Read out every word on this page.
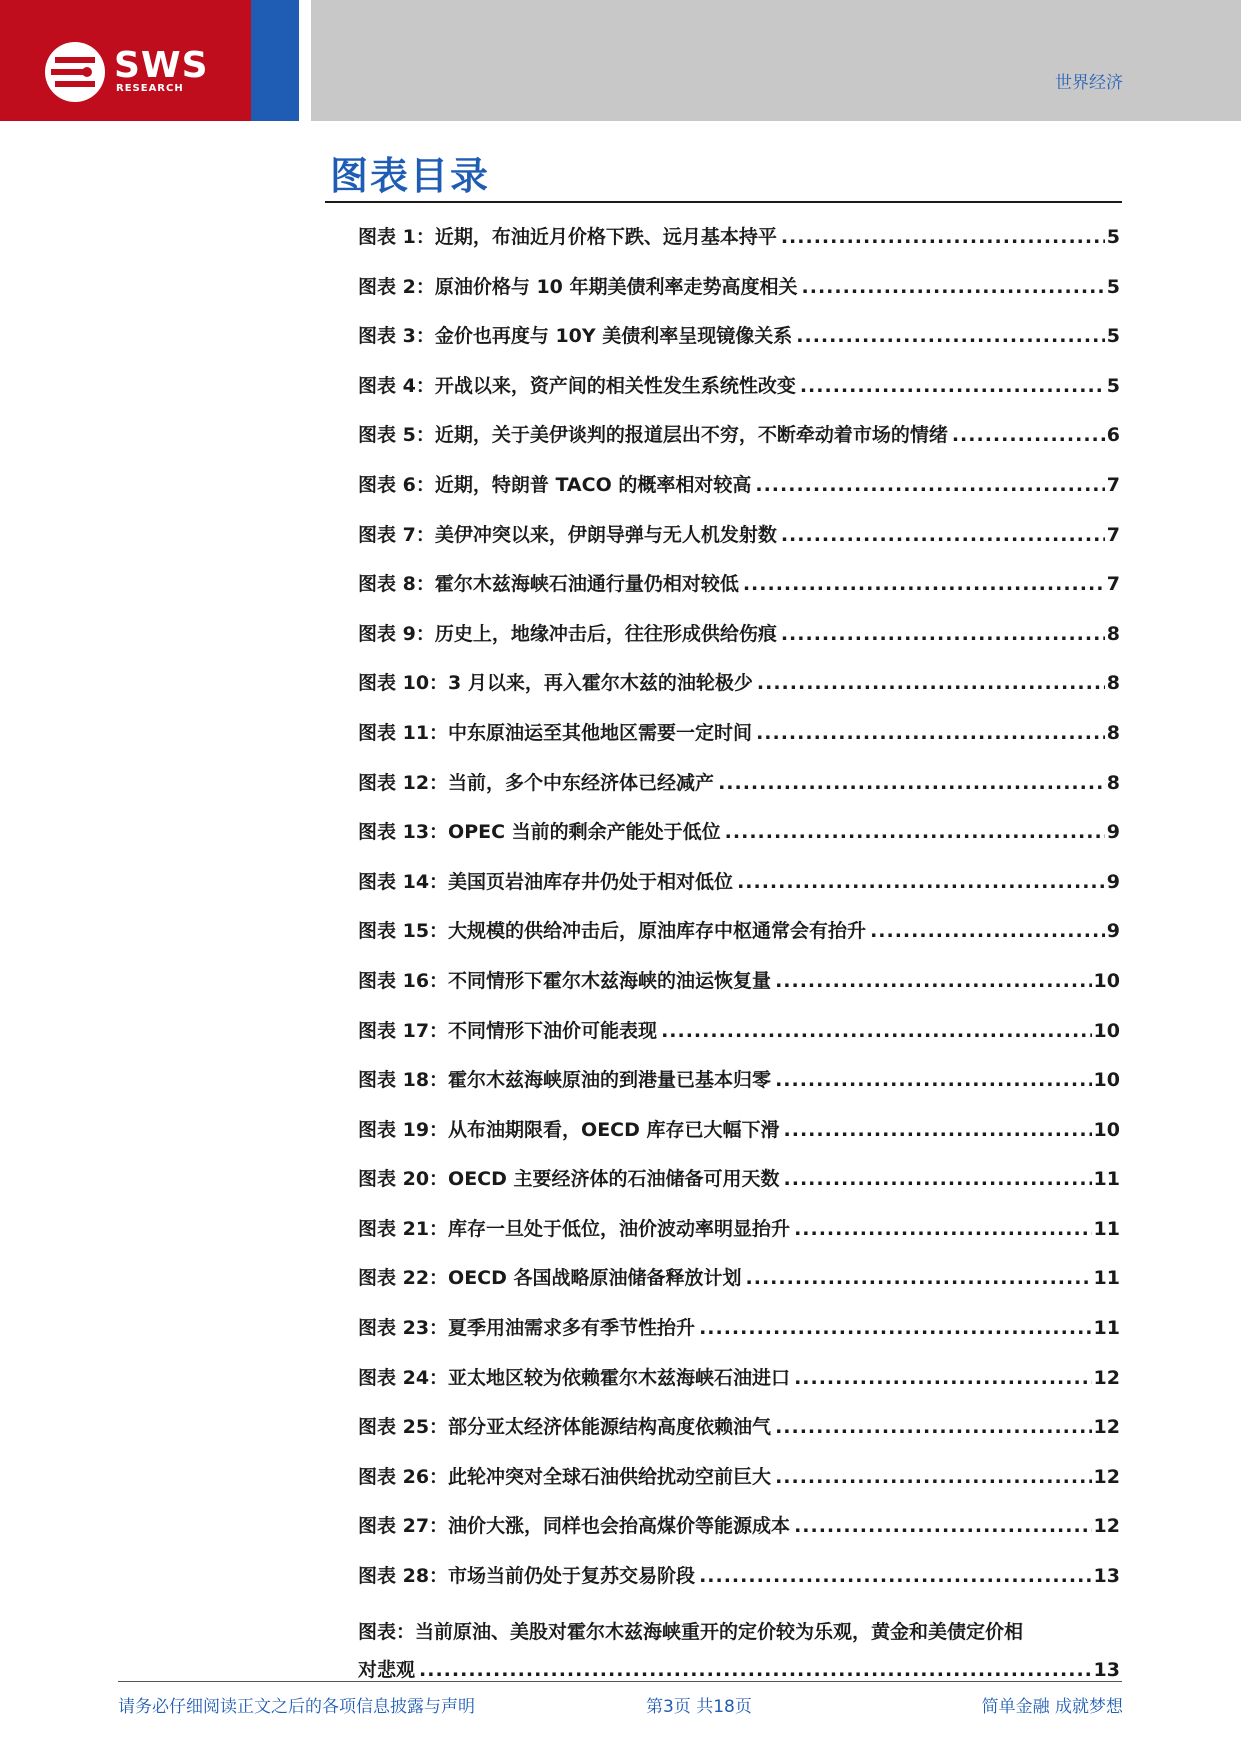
SWS
RESEARCH	世界经济
图表目录
图表 1：近期，布油近月价格下跌、远月基本持平 .....	5
图表 2：原油价格与 10 年期美债利率走势高度相关 .....	5
图表 3：金价也再度与 10Y 美债利率呈现镜像关系 .....	5
图表 4：开战以来，资产间的相关性发生系统性改变 .....	5
图表 5：近期，关于美伊谈判的报道层出不穷，不断牵动着市场的情绪 .....	6
图表 6：近期，特朗普 TACO 的概率相对较高 .....	7
图表 7：美伊冲突以来，伊朗导弹与无人机发射数 .....	7
图表 8：霍尔木兹海峡石油通行量仍相对较低 .....	7
图表 9：历史上，地缘冲击后，往往形成供给伤痕 .....	8
图表 10：3 月以来，再入霍尔木兹的油轮极少 .....	8
图表 11：中东原油运至其他地区需要一定时间 .....	8
图表 12：当前，多个中东经济体已经减产 .....	8
图表 13：OPEC 当前的剩余产能处于低位 .....	9
图表 14：美国页岩油库存井仍处于相对低位 .....	9
图表 15：大规模的供给冲击后，原油库存中枢通常会有抬升 .....	9
图表 16：不同情形下霍尔木兹海峡的油运恢复量 .....	10
图表 17：不同情形下油价可能表现 .....	10
图表 18：霍尔木兹海峡原油的到港量已基本归零 .....	10
图表 19：从布油期限看，OECD 库存已大幅下滑 .....	10
图表 20：OECD 主要经济体的石油储备可用天数 .....	11
图表 21：库存一旦处于低位，油价波动率明显抬升 .....	11
图表 22：OECD 各国战略原油储备释放计划 .....	11
图表 23：夏季用油需求多有季节性抬升 .....	11
图表 24：亚太地区较为依赖霍尔木兹海峡石油进口 .....	12
图表 25：部分亚太经济体能源结构高度依赖油气 .....	12
图表 26：此轮冲突对全球石油供给扰动空前巨大 .....	12
图表 27：油价大涨，同样也会抬高煤价等能源成本 .....	12
图表 28：市场当前仍处于复苏交易阶段 .....	13
图表：当前原油、美股对霍尔木兹海峡重开的定价较为乐观，黄金和美债定价相
对悲观 .....	13
请务必仔细阅读正文之后的各项信息披露与声明	第3页 共18页	简单金融 成就梦想
